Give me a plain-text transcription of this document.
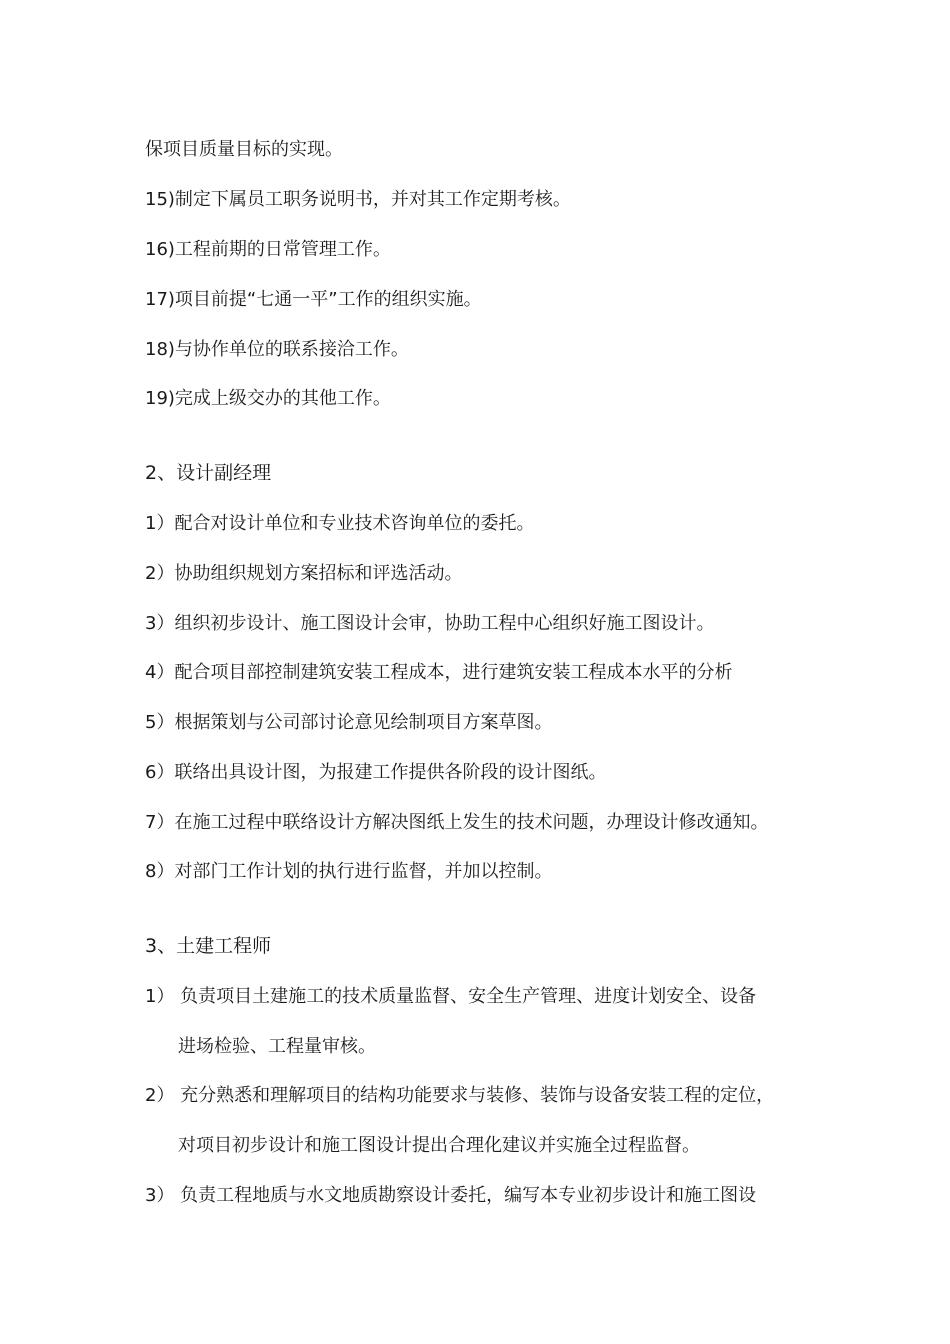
保项目质量目标的实现。
15)制定下属员工职务说明书，并对其工作定期考核。
16)工程前期的日常管理工作。
17)项目前提“七通一平”工作的组织实施。
18)与协作单位的联系接洽工作。
19)完成上级交办的其他工作。
2、设计副经理
1）配合对设计单位和专业技术咨询单位的委托。
2）协助组织规划方案招标和评选活动。
3）组织初步设计、施工图设计会审，协助工程中心组织好施工图设计。
4）配合项目部控制建筑安装工程成本，进行建筑安装工程成本水平的分析
5）根据策划与公司部讨论意见绘制项目方案草图。
6）联络出具设计图，为报建工作提供各阶段的设计图纸。
7）在施工过程中联络设计方解决图纸上发生的技术问题，办理设计修改通知。
8）对部门工作计划的执行进行监督，并加以控制。
3、土建工程师
1） 负责项目土建施工的技术质量监督、安全生产管理、进度计划安全、设备
进场检验、工程量审核。
2） 充分熟悉和理解项目的结构功能要求与装修、装饰与设备安装工程的定位，
对项目初步设计和施工图设计提出合理化建议并实施全过程监督。
3） 负责工程地质与水文地质勘察设计委托，编写本专业初步设计和施工图设
